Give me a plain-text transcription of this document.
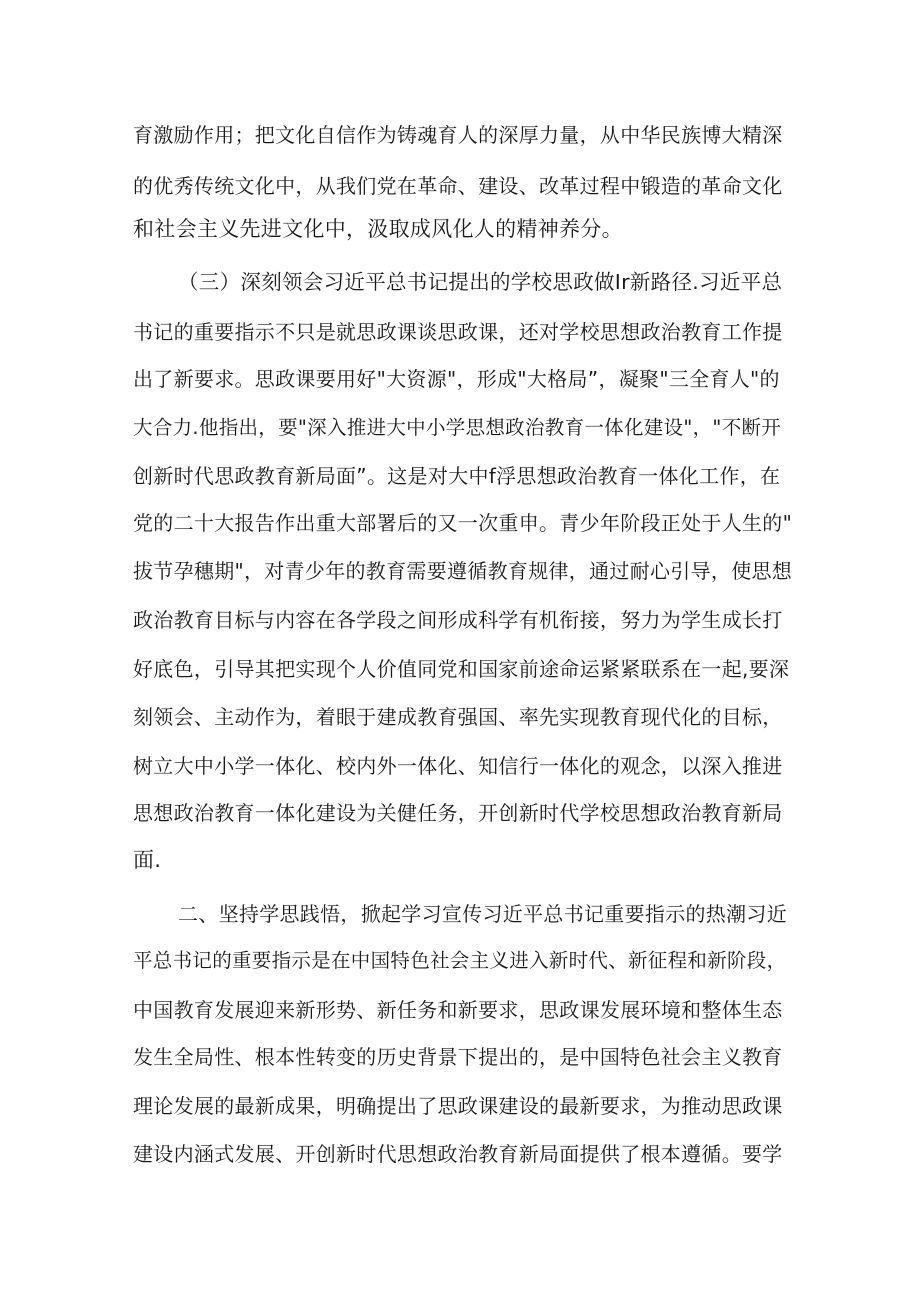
育激励作用；把文化自信作为铸魂育人的深厚力量，从中华民族博大精深
的优秀传统文化中，从我们党在革命、建设、改革过程中锻造的革命文化
和社会主义先进文化中，汲取成风化人的精神养分。
（三）深刻领会习近平总书记提出的学校思政做Ir新路径.习近平总
书记的重要指示不只是就思政课谈思政课，还对学校思想政治教育工作提
出了新要求。思政课要用好"大资源"，形成"大格局”，凝聚"三全育人"的
大合力.他指出，要"深入推进大中小学思想政治教育一体化建设"，"不断开
创新时代思政教育新局面”。这是对大中f浮思想政治教育一体化工作，在
党的二十大报告作出重大部署后的又一次重申。青少年阶段正处于人生的"
拔节孕穗期"，对青少年的教育需要遵循教育规律，通过耐心引导，使思想
政治教育目标与内容在各学段之间形成科学有机衔接，努力为学生成长打
好底色，引导其把实现个人价值同党和国家前途命运紧紧联系在一起,要深
刻领会、主动作为，着眼于建成教育强国、率先实现教育现代化的目标，
树立大中小学一体化、校内外一体化、知信行一体化的观念，以深入推进
思想政治教育一体化建设为关健任务，开创新时代学校思想政治教育新局
面.
二、坚持学思践悟，掀起学习宣传习近平总书记重要指示的热潮习近
平总书记的重要指示是在中国特色社会主义进入新时代、新征程和新阶段，
中国教育发展迎来新形势、新任务和新要求，思政课发展环境和整体生态
发生全局性、根本性转变的历史背景下提出的，是中国特色社会主义教育
理论发展的最新成果，明确提出了思政课建设的最新要求，为推动思政课
建设内涵式发展、开创新时代思想政治教育新局面提供了根本遵循。要学
